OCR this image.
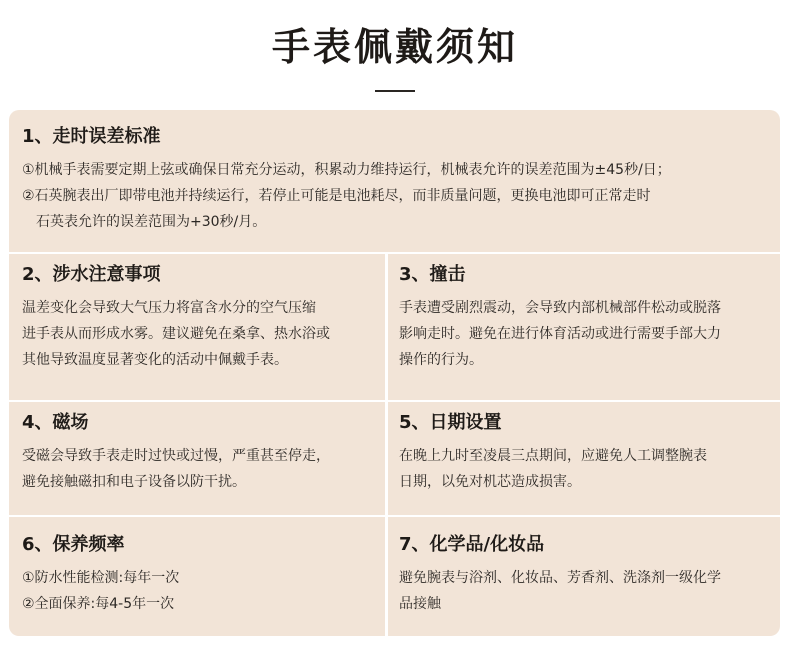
手表佩戴须知
1、走时误差标准
①机械手表需要定期上弦或确保日常充分运动，积累动力维持运行，机械表允许的误差范围为±45秒/日；
②石英腕表出厂即带电池并持续运行，若停止可能是电池耗尽，而非质量问题，更换电池即可正常走时
石英表允许的误差范围为+30秒/月。
2、涉水注意事项
温差变化会导致大气压力将富含水分的空气压缩
进手表从而形成水雾。建议避免在桑拿、热水浴或
其他导致温度显著变化的活动中佩戴手表。
3、撞击
手表遭受剧烈震动，会导致内部机械部件松动或脱落
影响走时。避免在进行体育活动或进行需要手部大力
操作的行为。
4、磁场
受磁会导致手表走时过快或过慢，严重甚至停走，
避免接触磁扣和电子设备以防干扰。
5、日期设置
在晚上九时至凌晨三点期间，应避免人工调整腕表
日期，以免对机芯造成损害。
6、保养频率
①防水性能检测:每年一次
②全面保养:每4-5年一次
7、化学品/化妆品
避免腕表与浴剂、化妆品、芳香剂、洗涤剂一级化学
品接触
